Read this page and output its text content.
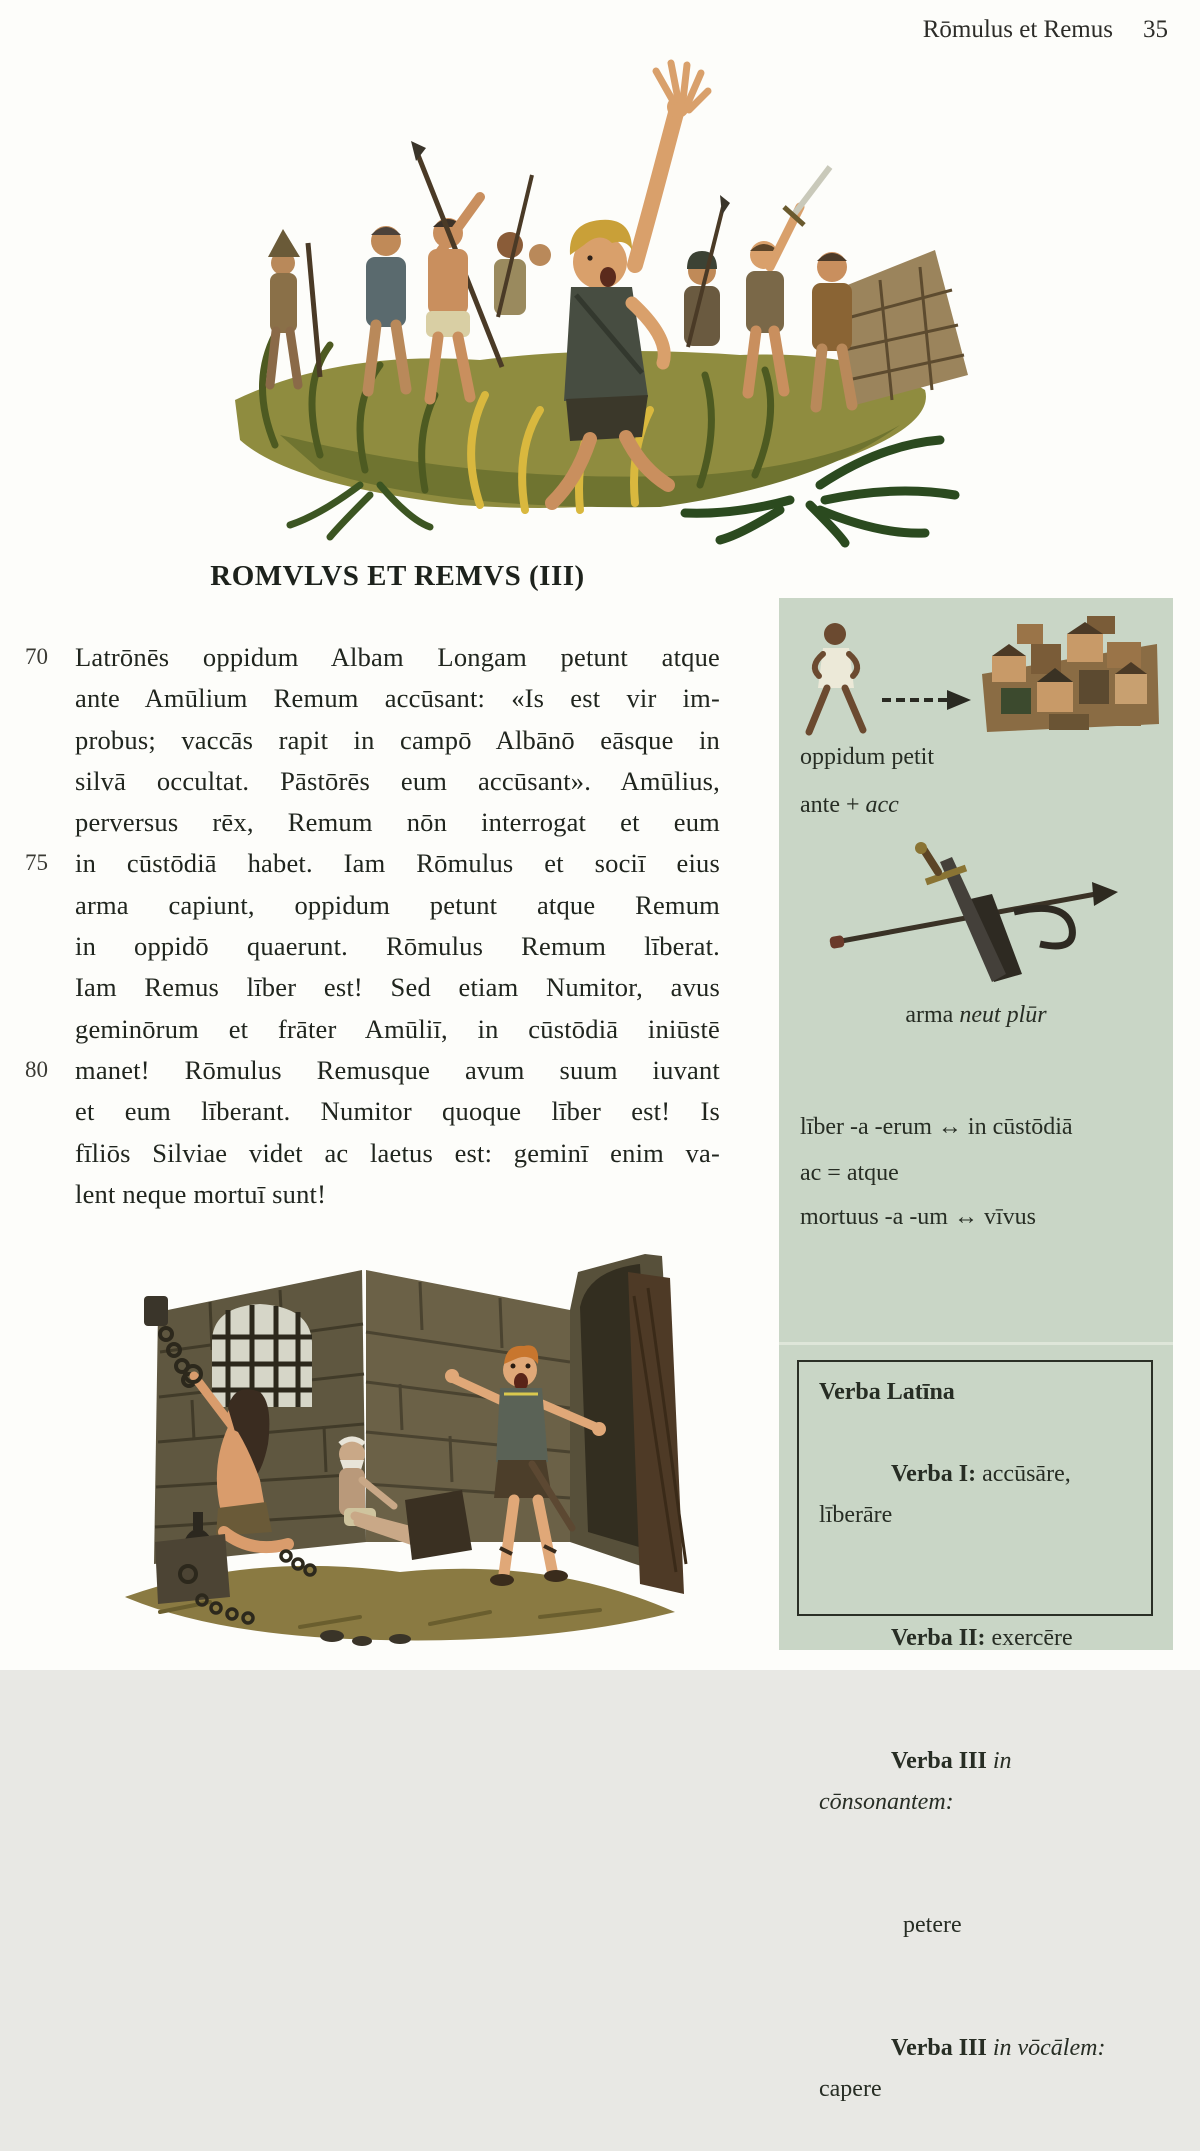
Rōmulus et Remus 35
ROMVLVS ET REMVS (III)
70	Latrōnēs oppidum Albam Longam petunt atque
ante Amūlium Remum accūsant: «Is est vir im-
probus; vaccās rapit in campō Albānō eāsque in
silvā occultat. Pāstōrēs eum accūsant». Amūlius,
perversus rēx, Remum nōn interrogat et eum
75	in cūstōdiā habet. Iam Rōmulus et sociī eius
arma capiunt, oppidum petunt atque Remum
in oppidō quaerunt. Rōmulus Remum līberat.
Iam Remus līber est! Sed etiam Numitor, avus
geminōrum et frāter Amūliī, in cūstōdiā iniūstē
80	manet! Rōmulus Remusque avum suum iuvant
et eum līberant. Numitor quoque līber est! Is
fīliōs Silviae videt ac laetus est: geminī enim va-
lent neque mortuī sunt!
oppidum petit
ante + acc
arma neut plūr
līber -a -erum ↔ in cūstōdiā
ac = atque
mortuus -a -um ↔ vīvus
Verba Latīna

Verba I: accūsāre, līberāre

Verba II: exercēre

Verba III in cōnsonantem:

petere

Verba III in vōcālem: capere
